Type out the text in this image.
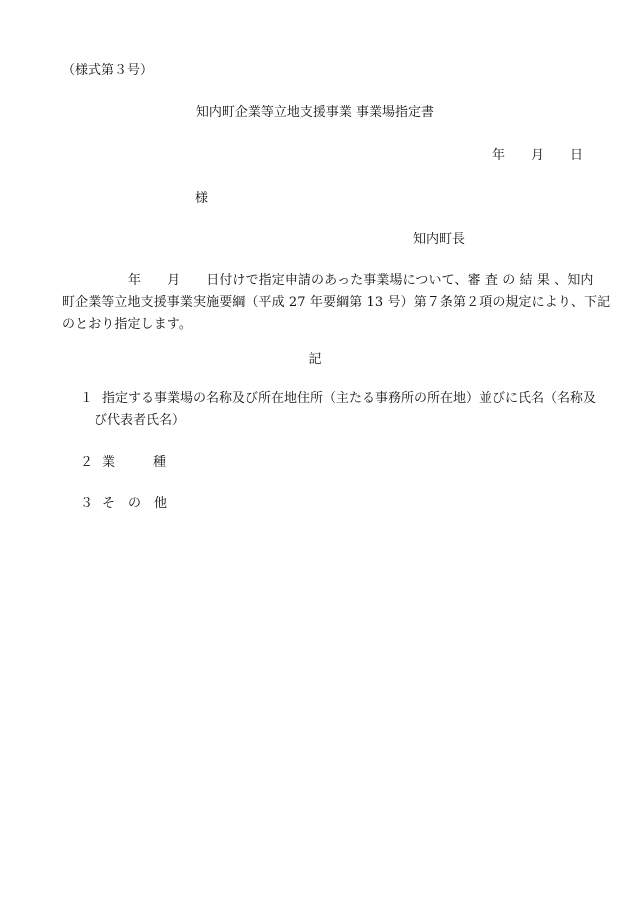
（様式第３号）
知内町企業等立地支援事業 事業場指定書
年 月 日
様
知内町長
年 月 日付けで指定申請のあった事業場について、審 査 の 結 果 、知内
町企業等立地支援事業実施要綱（平成 27 年要綱第 13 号）第７条第２項の規定により、下記
のとおり指定します。
記
１ 指定する事業場の名称及び所在地住所（主たる事務所の所在地）並びに氏名（名称及
び代表者氏名）
２ 業種
３ その他
